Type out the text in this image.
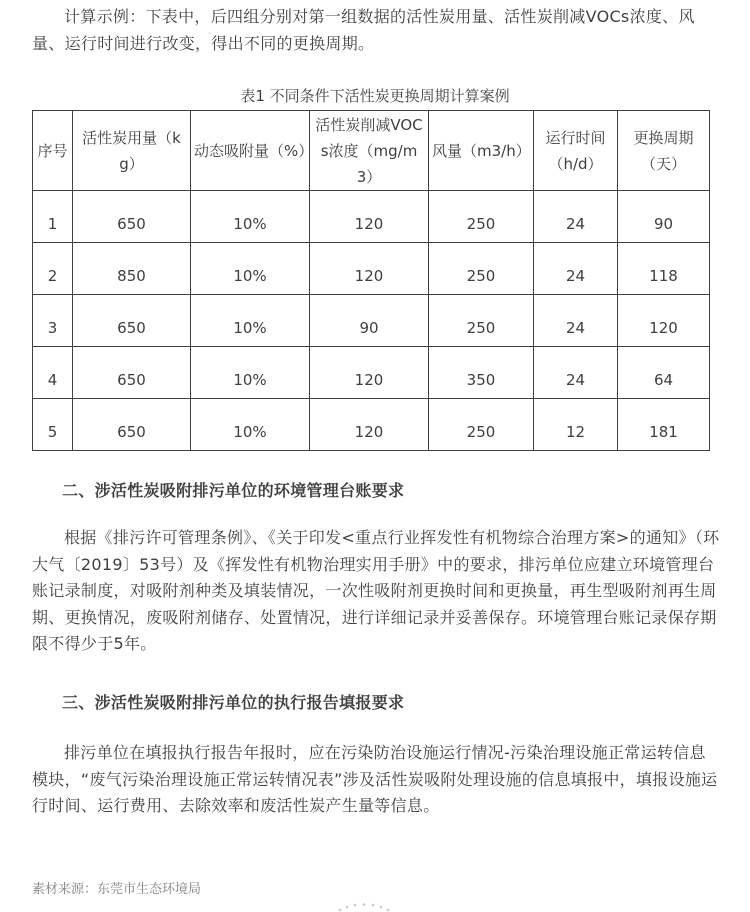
计算示例：下表中，后四组分别对第一组数据的活性炭用量、活性炭削减VOCs浓度、风量、运行时间进行改变，得出不同的更换周期。

表1 不同条件下活性炭更换周期计算案例
序号	活性炭用量（kg）	动态吸附量（%）	活性炭削减VOCs浓度（mg/m3）	风量（m3/h）	运行时间（h/d）	更换周期（天）
1	650	10%	120	250	24	90
2	850	10%	120	250	24	118
3	650	10%	90	250	24	120
4	650	10%	120	350	24	64
5	650	10%	120	250	12	181
二、涉活性炭吸附排污单位的环境管理台账要求

根据《排污许可管理条例》、《关于印发<重点行业挥发性有机物综合治理方案>的通知》（环大气〔2019〕53号）及《挥发性有机物治理实用手册》中的要求，排污单位应建立环境管理台账记录制度，对吸附剂种类及填装情况，一次性吸附剂更换时间和更换量，再生型吸附剂再生周期、更换情况，废吸附剂储存、处置情况，进行详细记录并妥善保存。环境管理台账记录保存期限不得少于5年。

三、涉活性炭吸附排污单位的执行报告填报要求

排污单位在填报执行报告年报时，应在污染防治设施运行情况-污染治理设施正常运转信息模块，“废气污染治理设施正常运转情况表”涉及活性炭吸附处理设施的信息填报中，填报设施运行时间、运行费用、去除效率和废活性炭产生量等信息。

素材来源：东莞市生态环境局
